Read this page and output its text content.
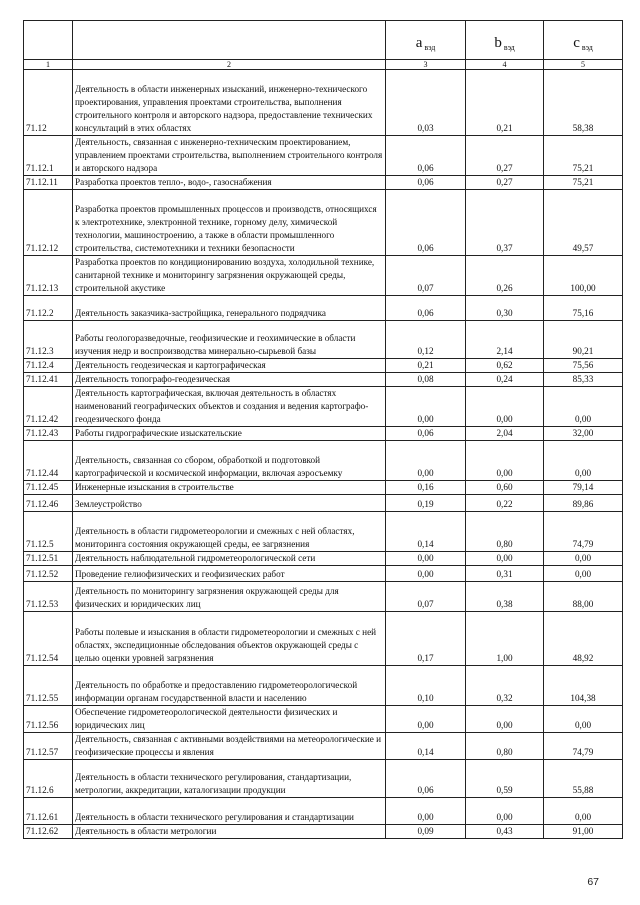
		a $_{вэд}$	b $_{вэд}$	c $_{вэд}$
1	2	3	4	5
71.12	Деятельность в области инженерных изысканий, инженерно-технического проектирования, управления проектами строительства, выполнения строительного контроля и авторского надзора, предоставление технических консультаций в этих областях	0,03	0,21	58,38
71.12.1	Деятельность, связанная с инженерно-техническим проектированием, управлением проектами строительства, выполнением строительного контроля и авторского надзора	0,06	0,27	75,21
71.12.11	Разработка проектов тепло-, водо-, газоснабжения	0,06	0,27	75,21
71.12.12	Разработка проектов промышленных процессов и производств, относящихся к электротехнике, электронной технике, горному делу, химической технологии, машиностроению, а также в области промышленного строительства, системотехники и техники безопасности	0,06	0,37	49,57
71.12.13	Разработка проектов по кондиционированию воздуха, холодильной технике, санитарной технике и мониторингу загрязнения окружающей среды, строительной акустике	0,07	0,26	100,00
71.12.2	Деятельность заказчика-застройщика, генерального подрядчика	0,06	0,30	75,16
71.12.3	Работы геологоразведочные, геофизические и геохимические в области изучения недр и воспроизводства минерально-сырьевой базы	0,12	2,14	90,21
71.12.4	Деятельность геодезическая и картографическая	0,21	0,62	75,56
71.12.41	Деятельность топографо-геодезическая	0,08	0,24	85,33
71.12.42	Деятельность картографическая, включая деятельность в областях наименований географических объектов и создания и ведения картографо-геодезического фонда	0,00	0,00	0,00
71.12.43	Работы гидрографические изыскательские	0,06	2,04	32,00
71.12.44	Деятельность, связанная со сбором, обработкой и подготовкой картографической и космической информации, включая аэросъемку	0,00	0,00	0,00
71.12.45	Инженерные изыскания в строительстве	0,16	0,60	79,14
71.12.46	Землеустройство	0,19	0,22	89,86
71.12.5	Деятельность в области гидрометеорологии и смежных с ней областях, мониторинга состояния окружающей среды, ее загрязнения	0,14	0,80	74,79
71.12.51	Деятельность наблюдательной гидрометеорологической сети	0,00	0,00	0,00
71.12.52	Проведение гелиофизических и геофизических работ	0,00	0,31	0,00
71.12.53	Деятельность по мониторингу загрязнения окружающей среды для физических и юридических лиц	0,07	0,38	88,00
71.12.54	Работы полевые и изыскания в области гидрометеорологии и смежных с ней областях, экспедиционные обследования объектов окружающей среды с целью оценки уровней загрязнения	0,17	1,00	48,92
71.12.55	Деятельность по обработке и предоставлению гидрометеорологической информации органам государственной власти и населению	0,10	0,32	104,38
71.12.56	Обеспечение гидрометеорологической деятельности физических и юридических лиц	0,00	0,00	0,00
71.12.57	Деятельность, связанная с активными воздействиями на метеорологические и геофизические процессы и явления	0,14	0,80	74,79
71.12.6	Деятельность в области технического регулирования, стандартизации, метрологии, аккредитации, каталогизации продукции	0,06	0,59	55,88
71.12.61	Деятельность в области технического регулирования и стандартизации	0,00	0,00	0,00
71.12.62	Деятельность в области метрологии	0,09	0,43	91,00
67
